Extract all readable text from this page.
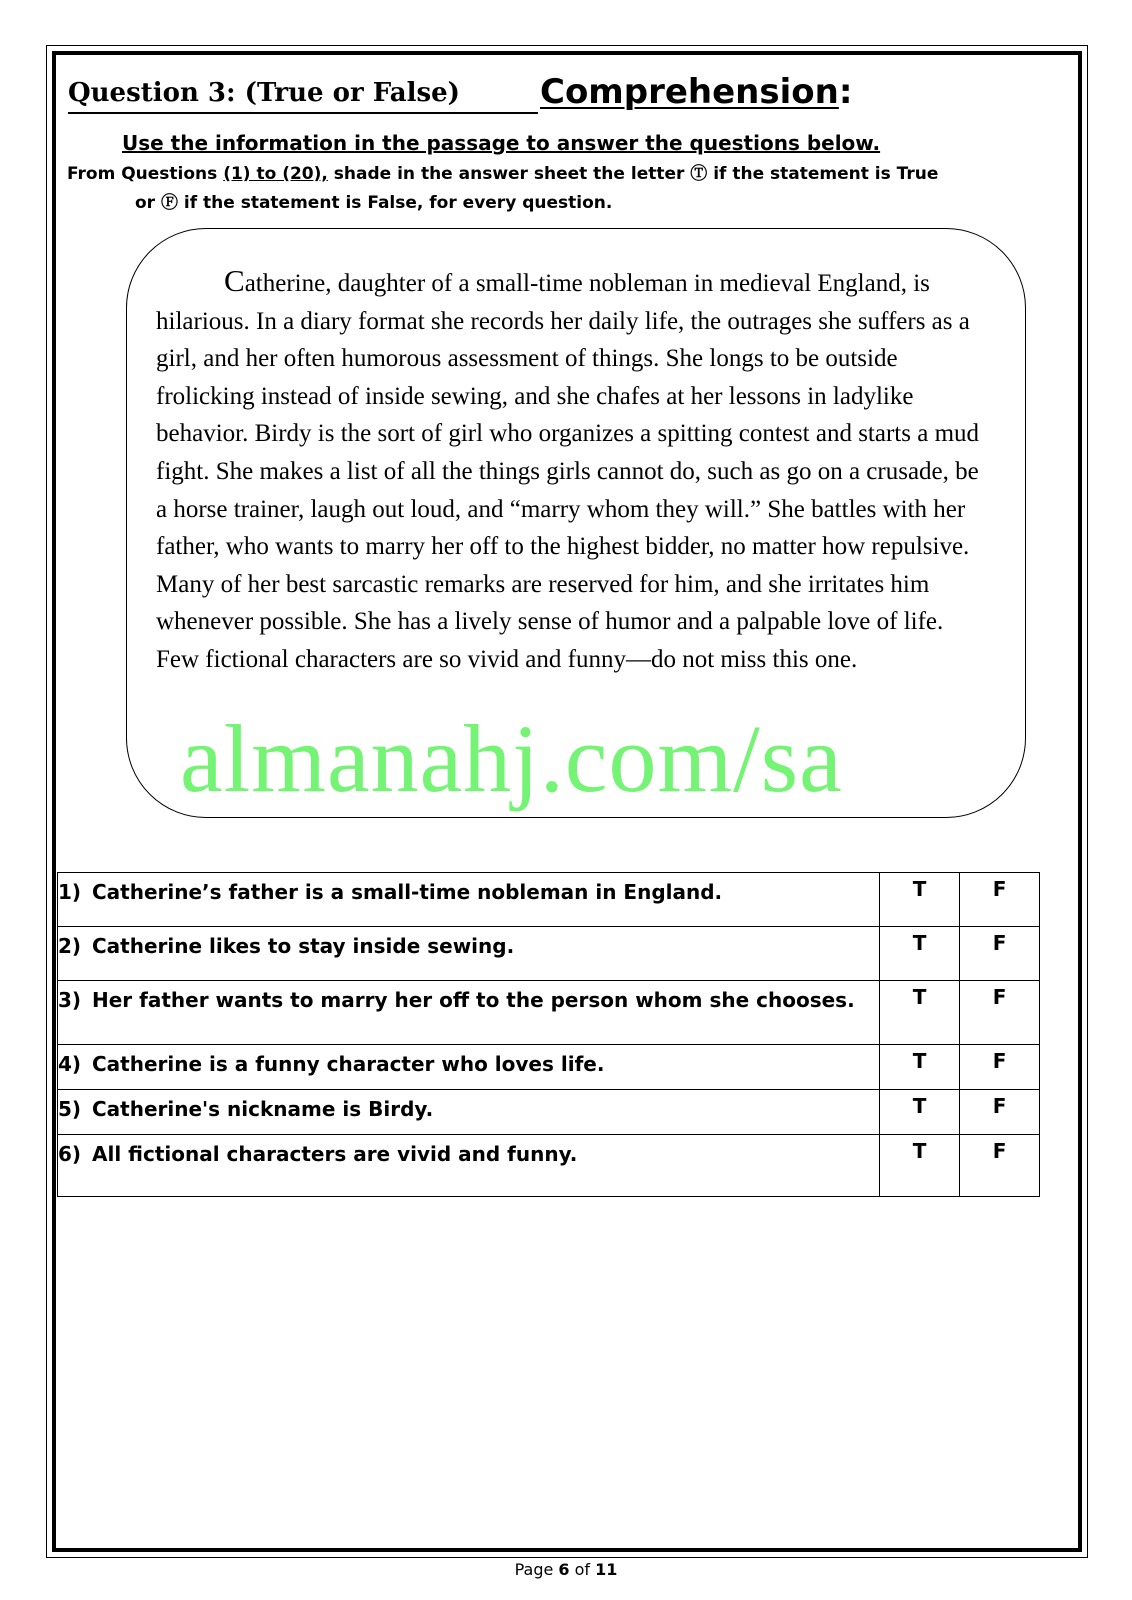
Question 3: (True or False)	Comprehension:
Use the information in the passage to answer the questions below.
From Questions (1) to (20), shade in the answer sheet the letter Ⓣ if the statement is True
or Ⓕ if the statement is False, for every question.
Catherine, daughter of a small-time nobleman in medieval England, is hilarious. In a diary format she records her daily life, the outrages she suffers as a girl, and her often humorous assessment of things. She longs to be outside frolicking instead of inside sewing, and she chafes at her lessons in ladylike behavior. Birdy is the sort of girl who organizes a spitting contest and starts a mud fight. She makes a list of all the things girls cannot do, such as go on a crusade, be a horse trainer, laugh out loud, and “marry whom they will.” She battles with her father, who wants to marry her off to the highest bidder, no matter how repulsive. Many of her best sarcastic remarks are reserved for him, and she irritates him whenever possible. She has a lively sense of humor and a palpable love of life. Few fictional characters are so vivid and funny—do not miss this one.
almanahj.com/sa
1) Catherine’s father is a small-time nobleman in England.	T	F

2) Catherine likes to stay inside sewing.	T	F

3) Her father wants to marry her off to the person whom she chooses.	T	F

4) Catherine is a funny character who loves life.	T	F

5) Catherine's nickname is Birdy.	T	F

6) All fictional characters are vivid and funny.	T	F
Page 6 of 11
